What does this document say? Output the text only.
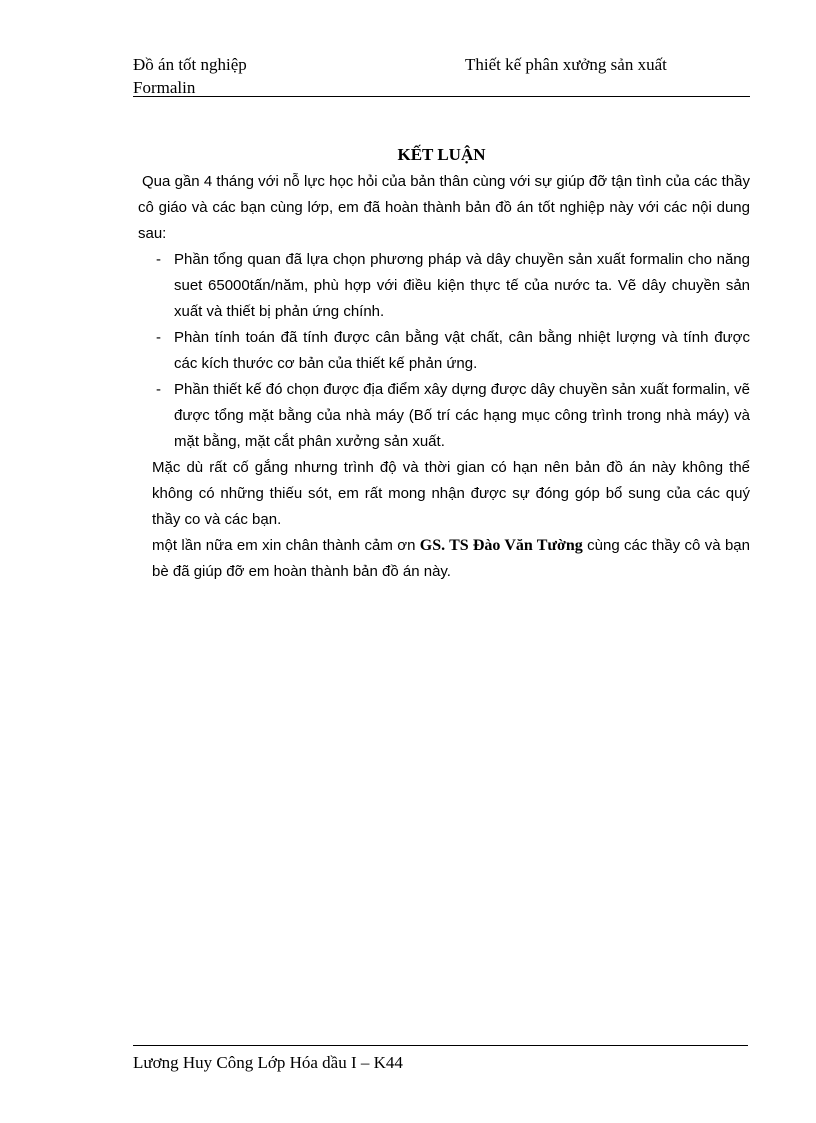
Đồ án tốt nghiệp
Formalin
Thiết kế phân xưởng sản xuất
KẾT LUẬN

Qua gần 4 tháng với nỗ lực học hỏi của bản thân cùng với sự giúp đỡ tận tình của các thầy cô giáo và các bạn cùng lớp, em đã hoàn thành bản đồ án tốt nghiệp này với các nội dung sau:

- Phần tổng quan đã lựa chọn phương pháp và dây chuyền sản xuất formalin cho năng suet 65000tấn/năm, phù hợp với điều kiện thực tế của nước ta. Vẽ dây chuyền sản xuất và thiết bị phản ứng chính.
- Phàn tính toán đã tính được cân bằng vật chất, cân bằng nhiệt lượng và tính được các kích thước cơ bản của thiết kế phản ứng.
- Phần thiết kế đó chọn được địa điểm xây dựng được dây chuyền sản xuất formalin, vẽ được tổng mặt bằng của nhà máy (Bố trí các hạng mục công trình trong nhà máy) và mặt bằng, mặt cắt phân xưởng sản xuất.

Mặc dù rất cố gắng nhưng trình độ và thời gian có hạn nên bản đồ án này không thể không có những thiếu sót, em rất mong nhận được sự đóng góp bổ sung của các quý thầy co và các bạn.

một lần nữa em xin chân thành cảm ơn GS. TS Đào Văn Tường cùng các thầy cô và bạn bè đã giúp đỡ em hoàn thành bản đồ án này.

Lương Huy Công Lớp Hóa dầu I – K44
